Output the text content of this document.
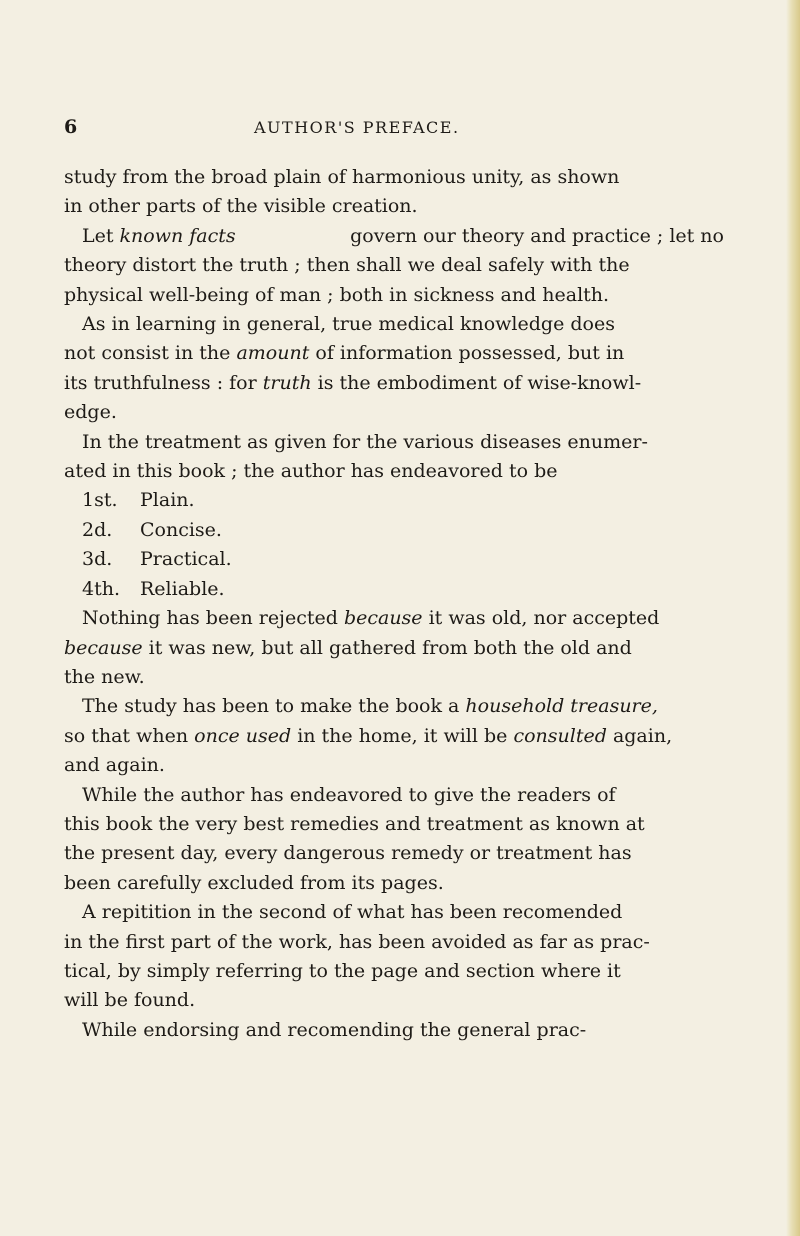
6	AUTHOR'S PREFACE.
study from the broad plain of harmonious unity, as shown
in other parts of the visible creation.
Let known facts	govern our theory and practice ; let no
theory distort the truth ; then shall we deal safely with the
physical well-being of man ; both in sickness and health.
As in learning in general, true medical knowledge does
not consist in the amount of information possessed, but in
its truthfulness : for truth is the embodiment of wise-knowl-
edge.
In the treatment as given for the various diseases enumer-
ated in this book ; the author has endeavored to be
1st.	Plain.
2d.	Concise.
3d.	Practical.
4th.	Reliable.
Nothing has been rejected because it was old, nor accepted
because it was new, but all gathered from both the old and
the new.
The study has been to make the book a household treasure,
so that when once used in the home, it will be consulted again,
and again.
While the author has endeavored to give the readers of
this book the very best remedies and treatment as known at
the present day, every dangerous remedy or treatment has
been carefully excluded from its pages.
A repitition in the second of what has been recomended
in the first part of the work, has been avoided as far as prac-
tical, by simply referring to the page and section where it
will be found.
While endorsing and recomending the general prac-
